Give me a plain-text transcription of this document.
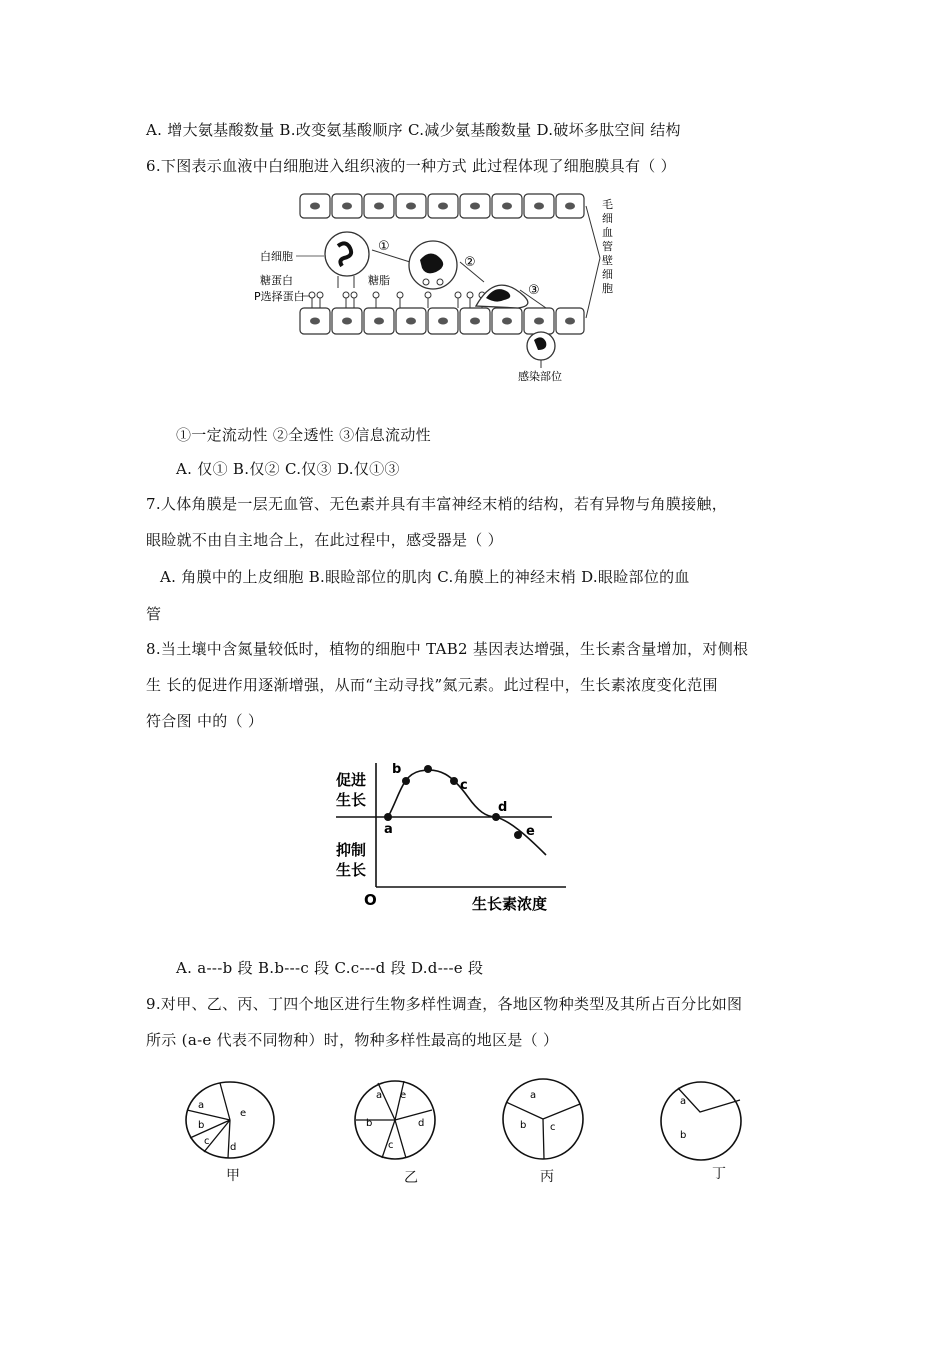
A. 增大氨基酸数量 B.改变氨基酸顺序 C.减少氨基酸数量 D.破坏多肽空间 结构
6.下图表示血液中白细胞进入组织液的一种方式 此过程体现了细胞膜具有（ ）
①
②
③
白细胞
糖蛋白	糖脂
P选择蛋白
感染部位
毛
细
血
管
壁
细
胞
①一定流动性 ②全透性 ③信息流动性
A. 仅① B.仅② C.仅③ D.仅①③
7.人体角膜是一层无血管、无色素并具有丰富神经末梢的结构，若有异物与角膜接触，
眼睑就不由自主地合上，在此过程中，感受器是（ ）
A. 角膜中的上皮细胞 B.眼睑部位的肌肉 C.角膜上的神经末梢 D.眼睑部位的血
管
8.当土壤中含氮量较低时，植物的细胞中 TAB2 基因表达增强，生长素含量增加，对侧根
生 长的促进作用逐渐增强，从而“主动寻找”氮元素。此过程中，生长素浓度变化范围
符合图 中的（ ）
a
b
c
d
e
促进
生长
抑制
生长
O	生长素浓度
A. a---b 段 B.b---c 段 C.c---d 段 D.d---e 段
9.对甲、乙、丙、丁四个地区进行生物多样性调查，各地区物种类型及其所占百分比如图
所示 (a-e 代表不同物种）时，物种多样性最高的地区是（ ）
a
b
c
d
e
甲
a e
b	d
c
乙
a
b c
丙
a
b
丁
